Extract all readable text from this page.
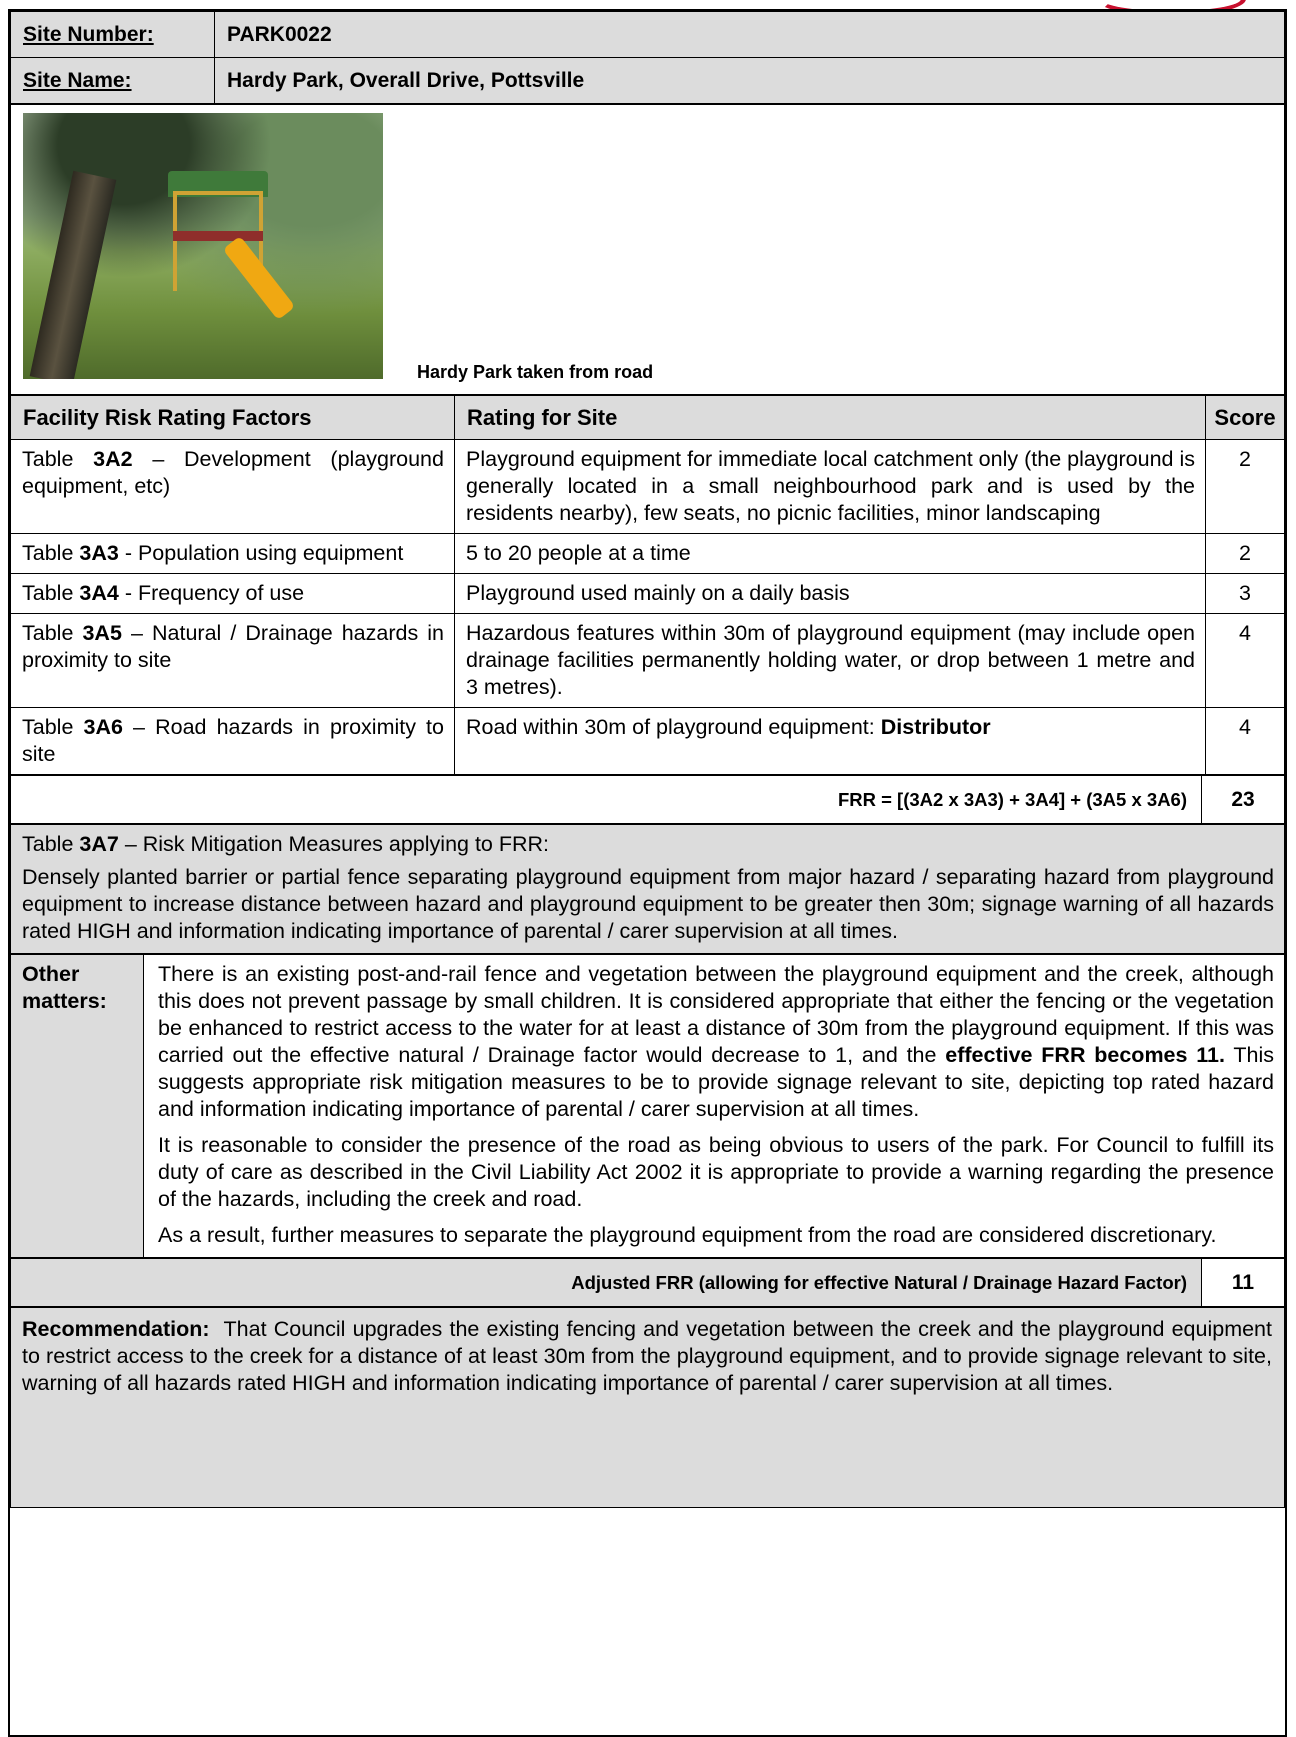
Site Number:	PARK0022
Site Name:	Hardy Park, Overall Drive, Pottsville
Hardy Park taken from road
Facility Risk Rating Factors	Rating for Site	Score
Table 3A2 – Development (playground equipment, etc)	Playground equipment for immediate local catchment only (the playground is generally located in a small neighbourhood park and is used by the residents nearby), few seats, no picnic facilities, minor landscaping	2
Table 3A3 - Population using equipment	5 to 20 people at a time	2
Table 3A4 - Frequency of use	Playground used mainly on a daily basis	3
Table 3A5 – Natural / Drainage hazards in proximity to site	Hazardous features within 30m of playground equipment (may include open drainage facilities permanently holding water, or drop between 1 metre and 3 metres).	4
Table 3A6 – Road hazards in proximity to site	Road within 30m of playground equipment: Distributor	4
FRR = [(3A2 x 3A3) + 3A4] + (3A5 x 3A6)	23

Table 3A7 – Risk Mitigation Measures applying to FRR:

Densely planted barrier or partial fence separating playground equipment from major hazard / separating hazard from playground equipment to increase distance between hazard and playground equipment to be greater then 30m; signage warning of all hazards rated HIGH and information indicating importance of parental / carer supervision at all times.

Other matters:	

There is an existing post-and-rail fence and vegetation between the playground equipment and the creek, although this does not prevent passage by small children. It is considered appropriate that either the fencing or the vegetation be enhanced to restrict access to the water for at least a distance of 30m from the playground equipment. If this was carried out the effective natural / Drainage factor would decrease to 1, and the effective FRR becomes 11. This suggests appropriate risk mitigation measures to be to provide signage relevant to site, depicting top rated hazard and information indicating importance of parental / carer supervision at all times.

It is reasonable to consider the presence of the road as being obvious to users of the park. For Council to fulfill its duty of care as described in the Civil Liability Act 2002 it is appropriate to provide a warning regarding the presence of the hazards, including the creek and road.

As a result, further measures to separate the playground equipment from the road are considered discretionary.

Adjusted FRR (allowing for effective Natural / Drainage Hazard Factor)	11

Recommendation:  That Council upgrades the existing fencing and vegetation between the creek and the playground equipment to restrict access to the creek for a distance of at least 30m from the playground equipment, and to provide signage relevant to site, warning of all hazards rated HIGH and information indicating importance of parental / carer supervision at all times.
